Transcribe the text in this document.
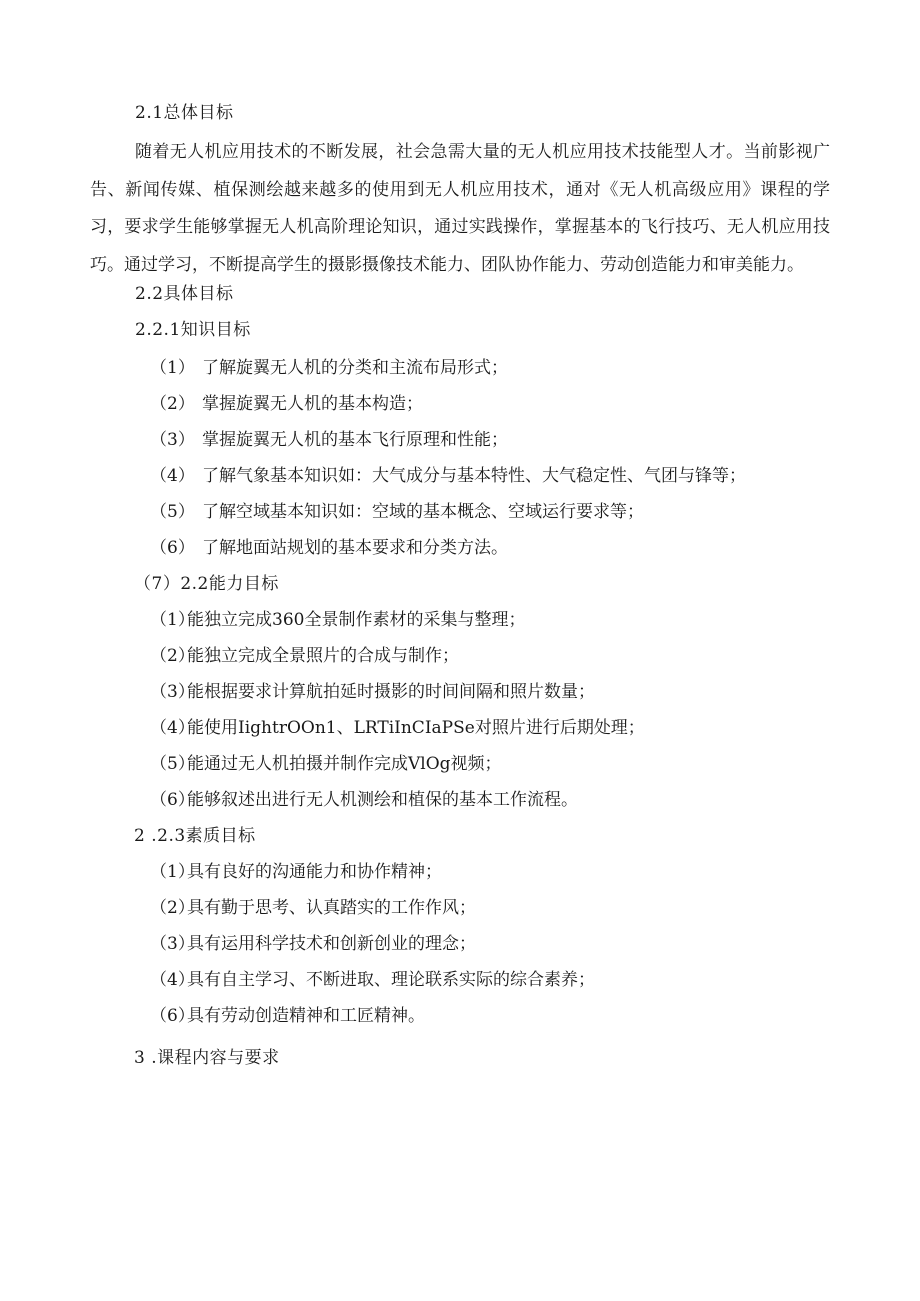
2.1总体目标
随着无人机应用技术的不断发展，社会急需大量的无人机应用技术技能型人才。当前影视广告、新闻传媒、植保测绘越来越多的使用到无人机应用技术，通对《无人机高级应用》课程的学习，要求学生能够掌握无人机高阶理论知识，通过实践操作，掌握基本的飞行技巧、无人机应用技巧。通过学习，不断提高学生的摄影摄像技术能力、团队协作能力、劳动创造能力和审美能力。
2.2具体目标
2.2.1知识目标
（1） 了解旋翼无人机的分类和主流布局形式；
（2） 掌握旋翼无人机的基本构造；
（3） 掌握旋翼无人机的基本飞行原理和性能；
（4） 了解气象基本知识如：大气成分与基本特性、大气稳定性、气团与锋等；
（5） 了解空域基本知识如：空域的基本概念、空域运行要求等；
（6） 了解地面站规划的基本要求和分类方法。
（7）2.2能力目标
（1）能独立完成360全景制作素材的采集与整理；
（2）能独立完成全景照片的合成与制作；
（3）能根据要求计算航拍延时摄影的时间间隔和照片数量；
（4）能使用IightrOOn1、LRTiInCIaPSe对照片进行后期处理；
（5）能通过无人机拍摄并制作完成VlOg视频；
（6）能够叙述出进行无人机测绘和植保的基本工作流程。
2 .2.3素质目标
（1）具有良好的沟通能力和协作精神；
（2）具有勤于思考、认真踏实的工作作风；
（3）具有运用科学技术和创新创业的理念；
（4）具有自主学习、不断进取、理论联系实际的综合素养；
（6）具有劳动创造精神和工匠精神。
3 .课程内容与要求
